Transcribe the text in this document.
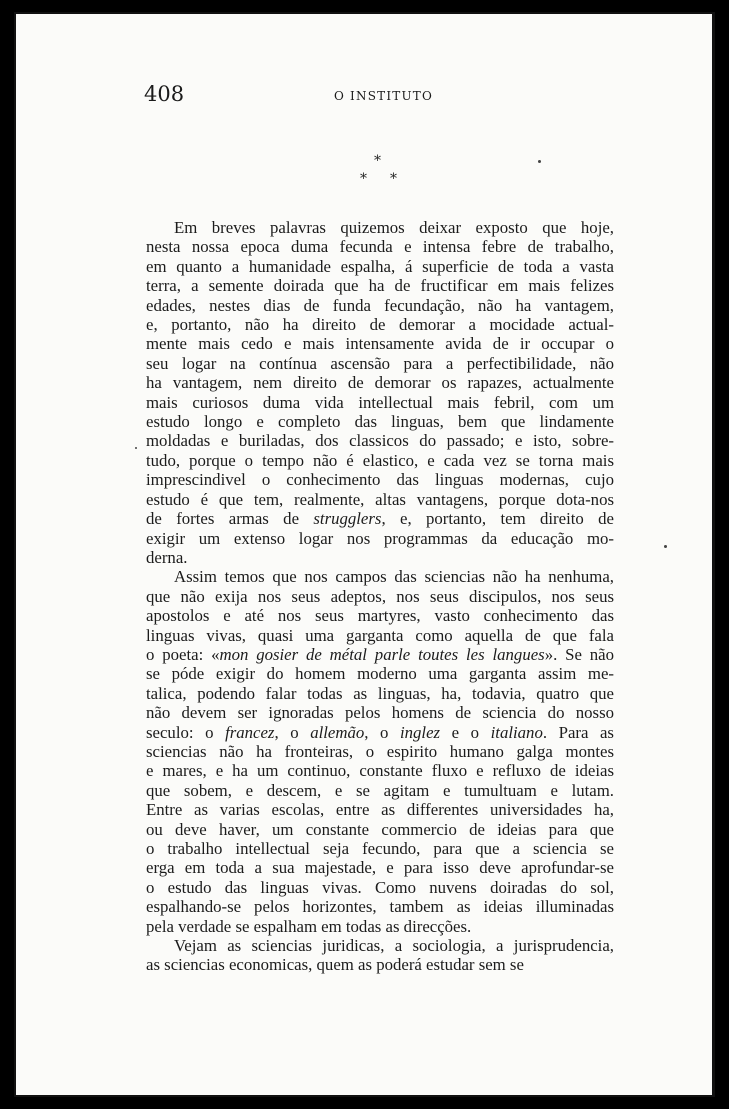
408	O INSTITUTO
*
* *
Em breves palavras quizemos deixar exposto que hoje,
nesta nossa epoca duma fecunda e intensa febre de trabalho,
em quanto a humanidade espalha, á superficie de toda a vasta
terra, a semente doirada que ha de fructificar em mais felizes
edades, nestes dias de funda fecundação, não ha vantagem,
e, portanto, não ha direito de demorar a mocidade actual-
mente mais cedo e mais intensamente avida de ir occupar o
seu logar na contínua ascensão para a perfectibilidade, não
ha vantagem, nem direito de demorar os rapazes, actualmente
mais curiosos duma vida intellectual mais febril, com um
estudo longo e completo das linguas, bem que lindamente
moldadas e buriladas, dos classicos do passado; e isto, sobre-
tudo, porque o tempo não é elastico, e cada vez se torna mais
imprescindivel o conhecimento das linguas modernas, cujo
estudo é que tem, realmente, altas vantagens, porque dota-nos
de fortes armas de strugglers, e, portanto, tem direito de
exigir um extenso logar nos programmas da educação mo-
derna.
Assim temos que nos campos das sciencias não ha nenhuma,
que não exija nos seus adeptos, nos seus discipulos, nos seus
apostolos e até nos seus martyres, vasto conhecimento das
linguas vivas, quasi uma garganta como aquella de que fala
o poeta: «mon gosier de métal parle toutes les langues». Se não
se póde exigir do homem moderno uma garganta assim me-
talica, podendo falar todas as linguas, ha, todavia, quatro que
não devem ser ignoradas pelos homens de sciencia do nosso
seculo: o francez, o allemão, o inglez e o italiano. Para as
sciencias não ha fronteiras, o espirito humano galga montes
e mares, e ha um continuo, constante fluxo e refluxo de ideias
que sobem, e descem, e se agitam e tumultuam e lutam.
Entre as varias escolas, entre as differentes universidades ha,
ou deve haver, um constante commercio de ideias para que
o trabalho intellectual seja fecundo, para que a sciencia se
erga em toda a sua majestade, e para isso deve aprofundar-se
o estudo das linguas vivas. Como nuvens doiradas do sol,
espalhando-se pelos horizontes, tambem as ideias illuminadas
pela verdade se espalham em todas as direcções.
Vejam as sciencias juridicas, a sociologia, a jurisprudencia,
as sciencias economicas, quem as poderá estudar sem se
